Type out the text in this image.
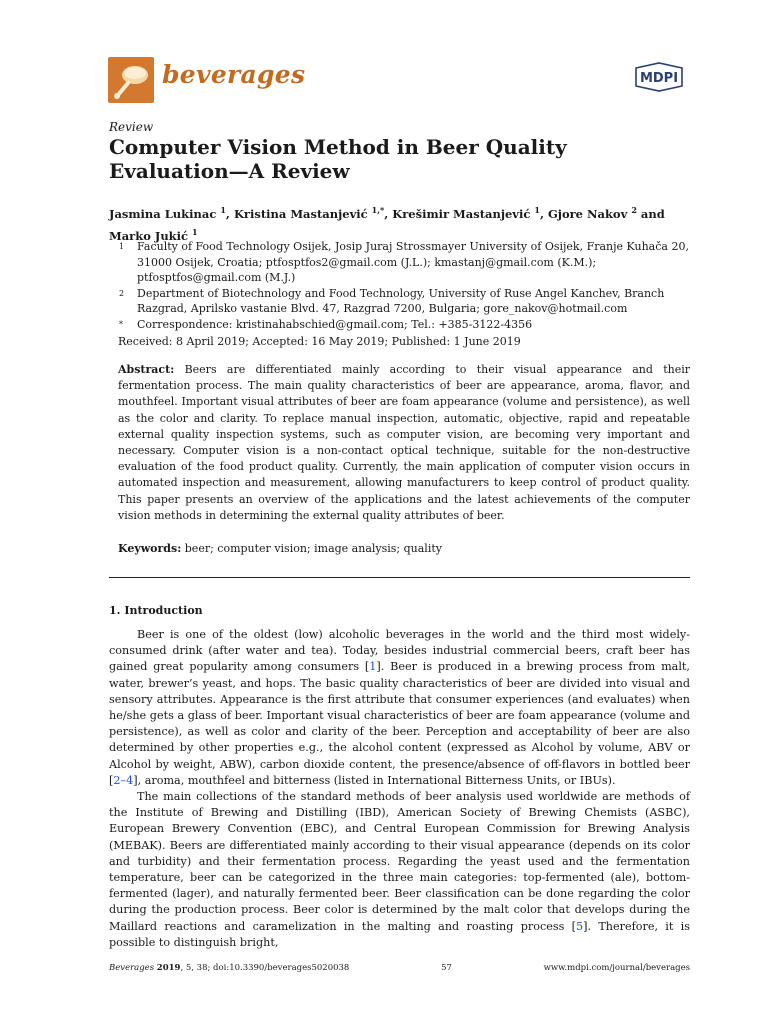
beverages	MDPI
Review
Computer Vision Method in Beer Quality Evaluation—A Review
Jasmina Lukinac $^1$, Kristina Mastanjević $^{1,*}$, Krešimir Mastanjević $^1$, Gjore Nakov $^2$ and
Marko Jukić $^1$
1	Faculty of Food Technology Osijek, Josip Juraj Strossmayer University of Osijek, Franje Kuhača 20, 31000 Osijek, Croatia; ptfosptfos2@gmail.com (J.L.); kmastanj@gmail.com (K.M.); ptfosptfos@gmail.com (M.J.)
2	Department of Biotechnology and Food Technology, University of Ruse Angel Kanchev, Branch Razgrad, Aprilsko vastanie Blvd. 47, Razgrad 7200, Bulgaria; gore_nakov@hotmail.com
*	Correspondence: kristinahabschied@gmail.com; Tel.: +385-3122-4356
Received: 8 April 2019; Accepted: 16 May 2019; Published: 1 June 2019
Abstract: Beers are differentiated mainly according to their visual appearance and their fermentation process. The main quality characteristics of beer are appearance, aroma, flavor, and mouthfeel. Important visual attributes of beer are foam appearance (volume and persistence), as well as the color and clarity. To replace manual inspection, automatic, objective, rapid and repeatable external quality inspection systems, such as computer vision, are becoming very important and necessary. Computer vision is a non-contact optical technique, suitable for the non-destructive evaluation of the food product quality. Currently, the main application of computer vision occurs in automated inspection and measurement, allowing manufacturers to keep control of product quality. This paper presents an overview of the applications and the latest achievements of the computer vision methods in determining the external quality attributes of beer.
Keywords: beer; computer vision; image analysis; quality
1. Introduction

Beer is one of the oldest (low) alcoholic beverages in the world and the third most widely-consumed drink (after water and tea). Today, besides industrial commercial beers, craft beer has gained great popularity among consumers [1]. Beer is produced in a brewing process from malt, water, brewer’s yeast, and hops. The basic quality characteristics of beer are divided into visual and sensory attributes. Appearance is the first attribute that consumer experiences (and evaluates) when he/she gets a glass of beer. Important visual characteristics of beer are foam appearance (volume and persistence), as well as color and clarity of the beer. Perception and acceptability of beer are also determined by other properties e.g., the alcohol content (expressed as Alcohol by volume, ABV or Alcohol by weight, ABW), carbon dioxide content, the presence/absence of off-flavors in bottled beer [2–4], aroma, mouthfeel and bitterness (listed in International Bitterness Units, or IBUs).

The main collections of the standard methods of beer analysis used worldwide are methods of the Institute of Brewing and Distilling (IBD), American Society of Brewing Chemists (ASBC), European Brewery Convention (EBC), and Central European Commission for Brewing Analysis (MEBAK). Beers are differentiated mainly according to their visual appearance (depends on its color and turbidity) and their fermentation process. Regarding the yeast used and the fermentation temperature, beer can be categorized in the three main categories: top-fermented (ale), bottom-fermented (lager), and naturally fermented beer. Beer classification can be done regarding the color during the production process. Beer color is determined by the malt color that develops during the Maillard reactions and caramelization in the malting and roasting process [5]. Therefore, it is possible to distinguish bright,

Beverages 2019, 5, 38; doi:10.3390/beverages5020038	57	www.mdpi.com/journal/beverages
